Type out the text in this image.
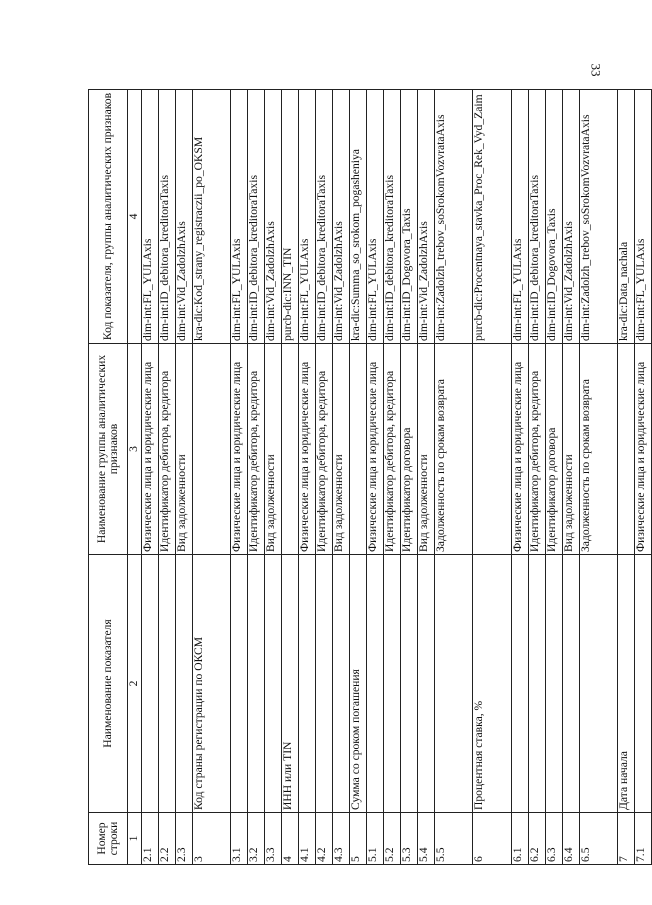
33
Номер строки	Наименование показателя	Наименование группы аналитических признаков	Код показателя, группы аналитических признаков
1	2	3	4
2.1		Физические лица и юридические лица	dim-int:FL_YULAxis
2.2		Идентификатор дебитора, кредитора	dim-int:ID_debitora_kreditoraTaxis
2.3		Вид задолженности	dim-int:Vid_ZadolzhAxis
3	Код страны регистрации по ОКСМ		kra-dic:Kod_strany_registraczii_po_OKSM
3.1		Физические лица и юридические лица	dim-int:FL_YULAxis
3.2		Идентификатор дебитора, кредитора	dim-int:ID_debitora_kreditoraTaxis
3.3		Вид задолженности	dim-int:Vid_ZadolzhAxis
4	ИНН или TIN		purcb-dic:INN_TIN
4.1		Физические лица и юридические лица	dim-int:FL_YULAxis
4.2		Идентификатор дебитора, кредитора	dim-int:ID_debitora_kreditoraTaxis
4.3		Вид задолженности	dim-int:Vid_ZadolzhAxis
5	Сумма со сроком погашения		kra-dic:Summa_so_srokom_pogasheniya
5.1		Физические лица и юридические лица	dim-int:FL_YULAxis
5.2		Идентификатор дебитора, кредитора	dim-int:ID_debitora_kreditoraTaxis
5.3		Идентификатор договора	dim-int:ID_Dogovora_Taxis
5.4		Вид задолженности	dim-int:Vid_ZadolzhAxis
5.5		Задолженность по срокам возврата	dim-int:Zadolzh_trebov_soSrokomVozvrataAxis
6	Процентная ставка, %		purcb-dic:Procentnaya_stavka_Proc_Rek_Vyd_Zaim
6.1		Физические лица и юридические лица	dim-int:FL_YULAxis
6.2		Идентификатор дебитора, кредитора	dim-int:ID_debitora_kreditoraTaxis
6.3		Идентификатор договора	dim-int:ID_Dogovora_Taxis
6.4		Вид задолженности	dim-int:Vid_ZadolzhAxis
6.5		Задолженность по срокам возврата	dim-int:Zadolzh_trebov_soSrokomVozvrataAxis
7	Дата начала		kra-dic:Data_nachala
7.1		Физические лица и юридические лица	dim-int:FL_YULAxis
